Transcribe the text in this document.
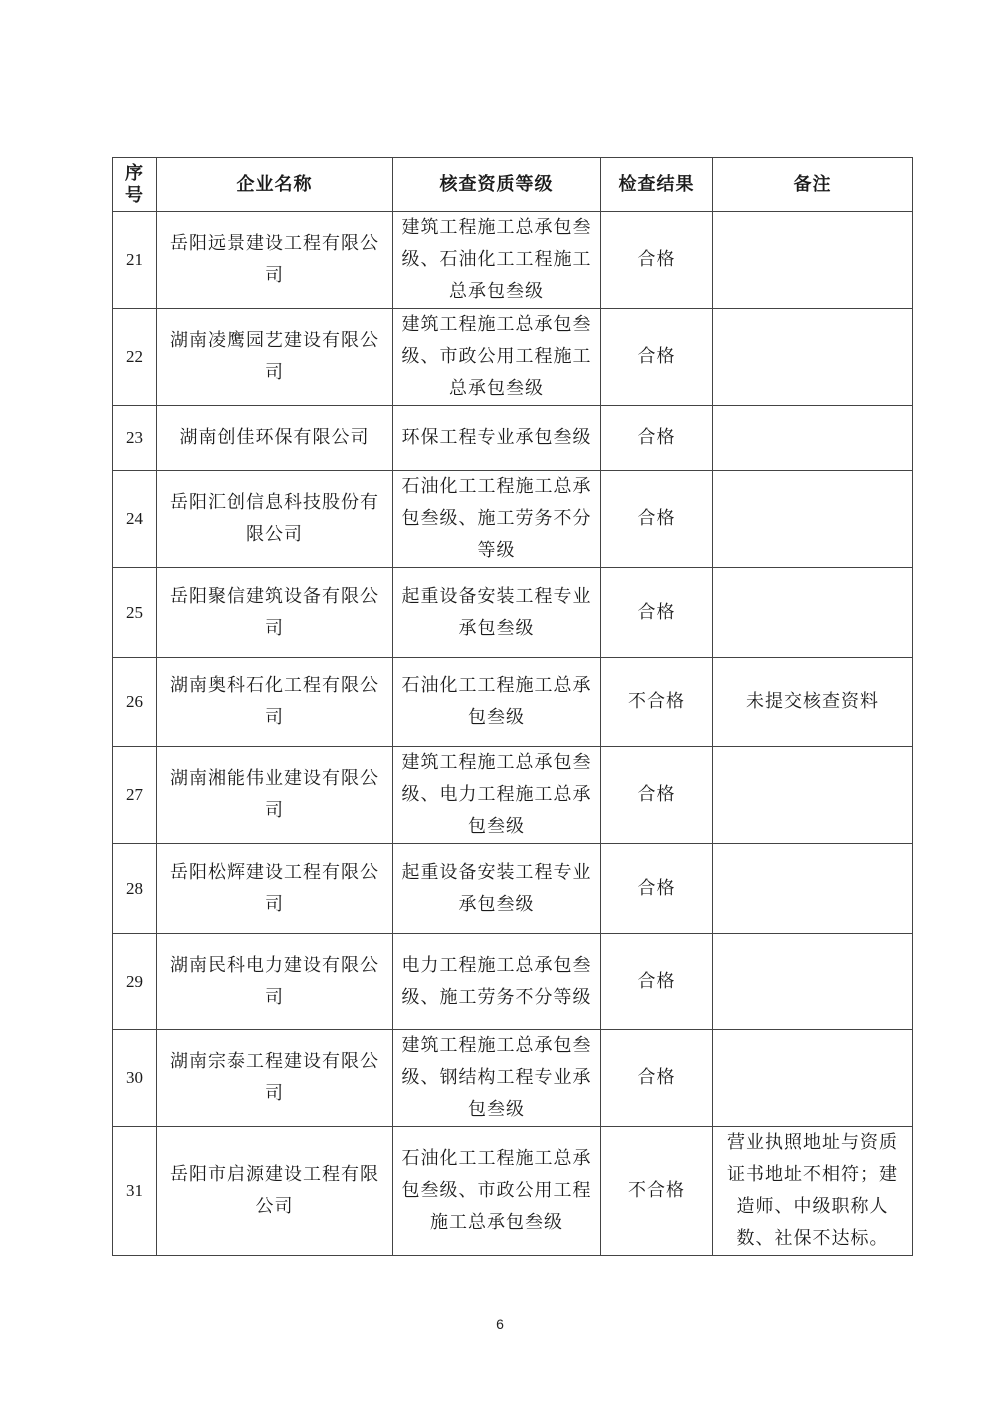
序号	企业名称	核查资质等级	检查结果	备注
21	岳阳远景建设工程有限公司	建筑工程施工总承包叁级、石油化工工程施工总承包叁级	合格	
22	湖南凌鹰园艺建设有限公司	建筑工程施工总承包叁级、市政公用工程施工总承包叁级	合格	
23	湖南创佳环保有限公司	环保工程专业承包叁级	合格	
24	岳阳汇创信息科技股份有限公司	石油化工工程施工总承包叁级、施工劳务不分等级	合格	
25	岳阳聚信建筑设备有限公司	起重设备安装工程专业承包叁级	合格	
26	湖南奥科石化工程有限公司	石油化工工程施工总承包叁级	不合格	未提交核查资料
27	湖南湘能伟业建设有限公司	建筑工程施工总承包叁级、电力工程施工总承包叁级	合格	
28	岳阳松辉建设工程有限公司	起重设备安装工程专业承包叁级	合格	
29	湖南民科电力建设有限公司	电力工程施工总承包叁级、施工劳务不分等级	合格	
30	湖南宗泰工程建设有限公司	建筑工程施工总承包叁级、钢结构工程专业承包叁级	合格	
31	岳阳市启源建设工程有限公司	石油化工工程施工总承包叁级、市政公用工程施工总承包叁级	不合格	营业执照地址与资质证书地址不相符；建造师、中级职称人数、社保不达标。
6
